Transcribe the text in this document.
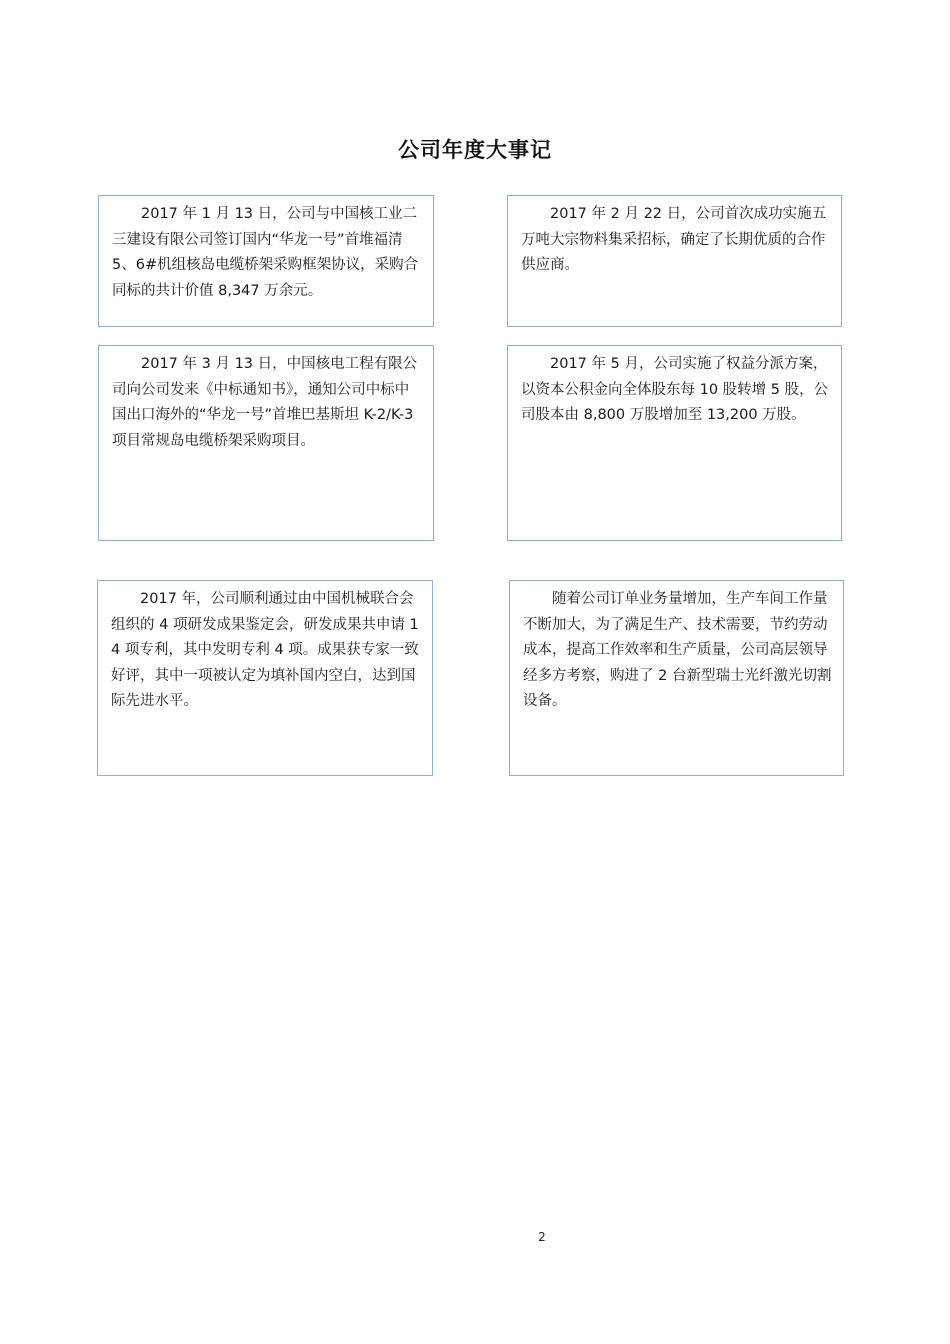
公司年度大事记

2017 年 1 月 13 日，公司与中国核工业二三建设有限公司签订国内“华龙一号”首堆福清 5、6#机组核岛电缆桥架采购框架协议，采购合同标的共计价值 8,347 万余元。

2017 年 2 月 22 日，公司首次成功实施五万吨大宗物料集采招标，确定了长期优质的合作供应商。

2017 年 3 月 13 日，中国核电工程有限公司向公司发来《中标通知书》，通知公司中标中国出口海外的“华龙一号”首堆巴基斯坦 K-2/K-3 项目常规岛电缆桥架采购项目。

2017 年 5 月，公司实施了权益分派方案，以资本公积金向全体股东每 10 股转增 5 股，公司股本由 8,800 万股增加至 13,200 万股。

2017 年，公司顺利通过由中国机械联合会组织的 4 项研发成果鉴定会，研发成果共申请 14 项专利，其中发明专利 4 项。成果获专家一致好评，其中一项被认定为填补国内空白，达到国际先进水平。

随着公司订单业务量增加，生产车间工作量不断加大，为了满足生产、技术需要，节约劳动成本，提高工作效率和生产质量，公司高层领导经多方考察，购进了 2 台新型瑞士光纤激光切割设备。

2
